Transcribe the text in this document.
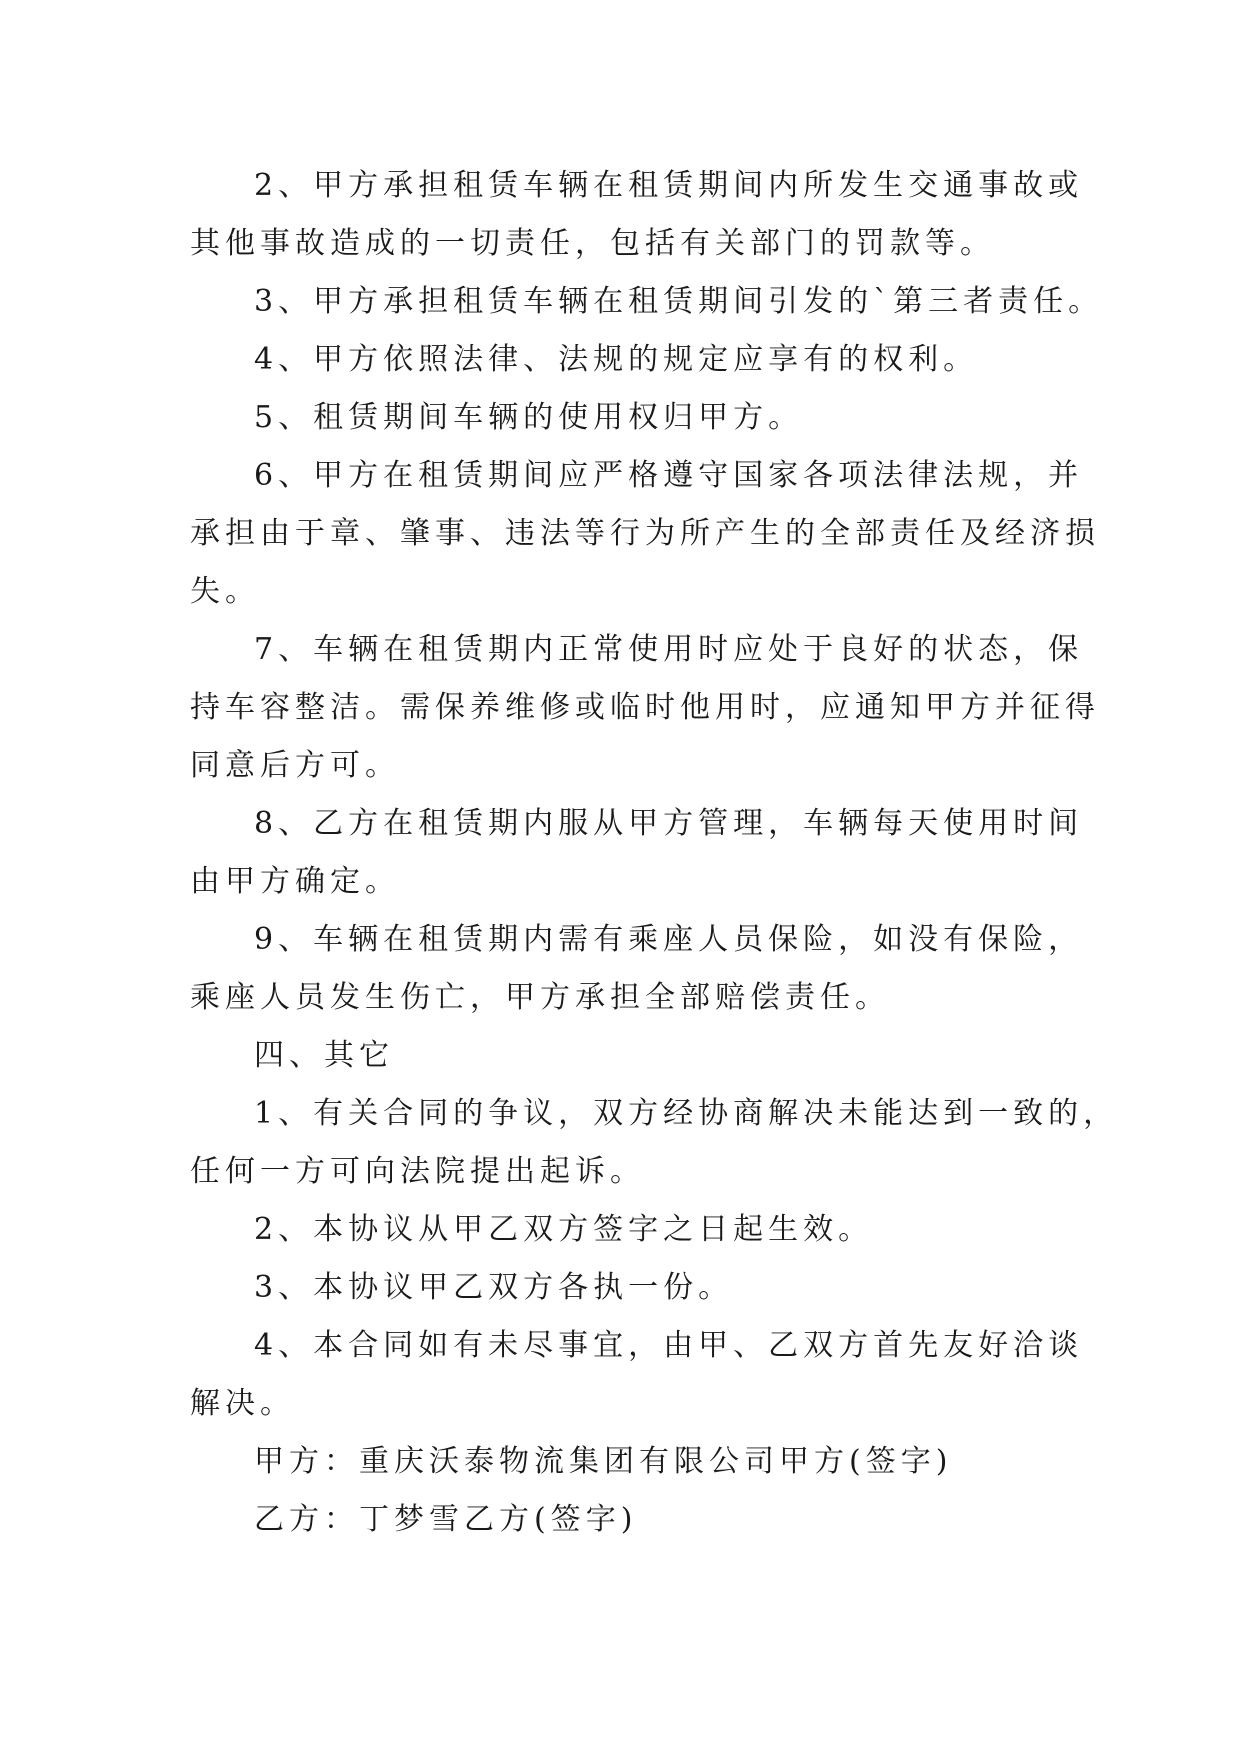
2、甲方承担租赁车辆在租赁期间内所发生交通事故或
其他事故造成的一切责任，包括有关部门的罚款等。
3、甲方承担租赁车辆在租赁期间引发的`第三者责任。
4、甲方依照法律、法规的规定应享有的权利。
5、租赁期间车辆的使用权归甲方。
6、甲方在租赁期间应严格遵守国家各项法律法规，并
承担由于章、肇事、违法等行为所产生的全部责任及经济损
失。
7、车辆在租赁期内正常使用时应处于良好的状态，保
持车容整洁。需保养维修或临时他用时，应通知甲方并征得
同意后方可。
8、乙方在租赁期内服从甲方管理，车辆每天使用时间
由甲方确定。
9、车辆在租赁期内需有乘座人员保险，如没有保险，
乘座人员发生伤亡，甲方承担全部赔偿责任。
四、其它
1、有关合同的争议，双方经协商解决未能达到一致的，
任何一方可向法院提出起诉。
2、本协议从甲乙双方签字之日起生效。
3、本协议甲乙双方各执一份。
4、本合同如有未尽事宜，由甲、乙双方首先友好洽谈
解决。
甲方：重庆沃泰物流集团有限公司甲方(签字)
乙方：丁梦雪乙方(签字)
